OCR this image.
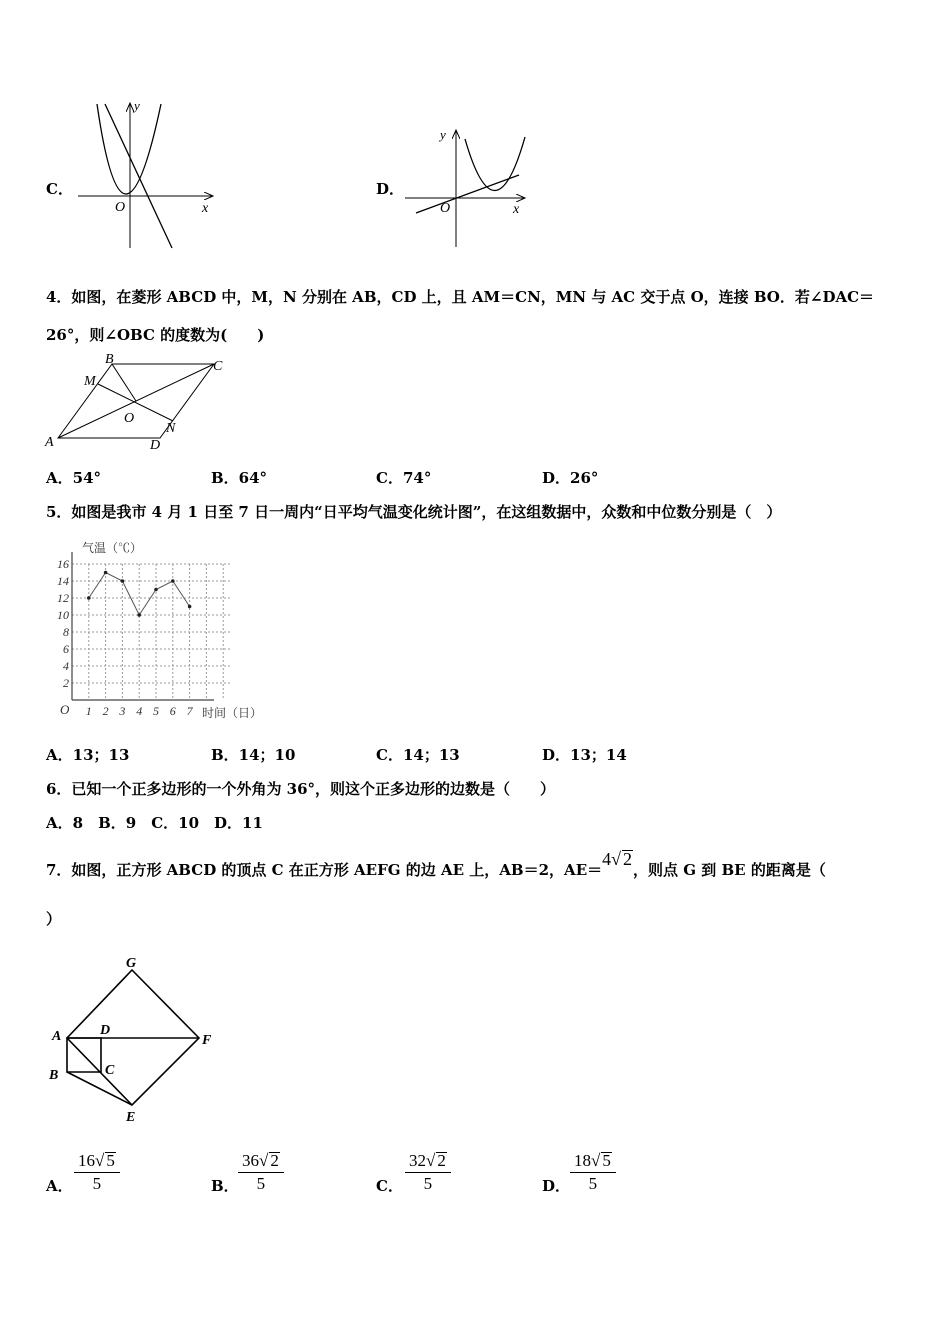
C．
y
x
O
D．
y
x
O
4．如图，在菱形 ABCD 中，M，N 分别在 AB，CD 上，且 AM＝CN，MN 与 AC 交于点 O，连接 BO．若∠DAC＝
26°，则∠OBC 的度数为(　　)
A
B	C
D
M
N
O
A．54°	B．64°	C．74°	D．26°
5．如图是我市 4 月 1 日至 7 日一周内“日平均气温变化统计图”，在这组数据中，众数和中位数分别是（　）
2
4
6
8
10
12
14
16
1 2 3 4 5 6 7
气温（℃）
时间（日）
O
A．13；13	B．14；10	C．14；13	D．13；14
6．已知一个正多边形的一个外角为 36°，则这个正多边形的边数是（　　）
A．8　B．9　C．10　D．11
7．如图，正方形 ABCD 的顶点 C 在正方形 AEFG 的边 AE 上，AB＝2，AE＝4√ 2，则点 G 到 BE 的距离是（
）
G
A	D
F
B	C
E
A． $\frac{16√ 5}{5}$	B． $\frac{36√ 2}{5}$	C． $\frac{32√ 2}{5}$	D． $\frac{18√ 5}{5}$
